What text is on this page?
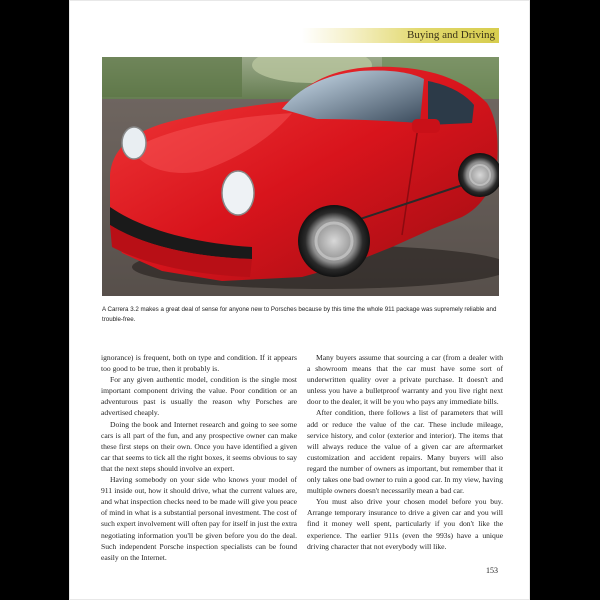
Buying and Driving
A Carrera 3.2 makes a great deal of sense for anyone new to Porsches because by this time the whole 911 package was supremely reliable and trouble-free.

ignorance) is frequent, both on type and condition. If it appears too good to be true, then it probably is.

For any given authentic model, condition is the single most important component driving the value. Poor condition or an adventurous past is usually the reason why Porsches are advertised cheaply.

Doing the book and Internet research and going to see some cars is all part of the fun, and any prospective owner can make these first steps on their own. Once you have identified a given car that seems to tick all the right boxes, it seems obvious to say that the next steps should involve an expert.

Having somebody on your side who knows your model of 911 inside out, how it should drive, what the current values are, and what inspection checks need to be made will give you peace of mind in what is a substantial personal investment. The cost of such expert involvement will often pay for itself in just the extra negotiating information you'll be given before you do the deal. Such independent Porsche inspection specialists can be found easily on the Internet.

Many buyers assume that sourcing a car (from a dealer with a showroom means that the car must have some sort of underwritten quality over a private purchase. It doesn't and unless you have a bulletproof warranty and you live right next door to the dealer, it will be you who pays any immediate bills.

After condition, there follows a list of parameters that will add or reduce the value of the car. These include mileage, service history, and color (exterior and interior). The items that will always reduce the value of a given car are aftermarket customization and accident repairs. Many buyers will also regard the number of owners as important, but remember that it only takes one bad owner to ruin a good car. In my view, having multiple owners doesn't necessarily mean a bad car.

You must also drive your chosen model before you buy. Arrange temporary insurance to drive a given car and you will find it money well spent, particularly if you don't like the experience. The earlier 911s (even the 993s) have a unique driving character that not everybody will like.

153
